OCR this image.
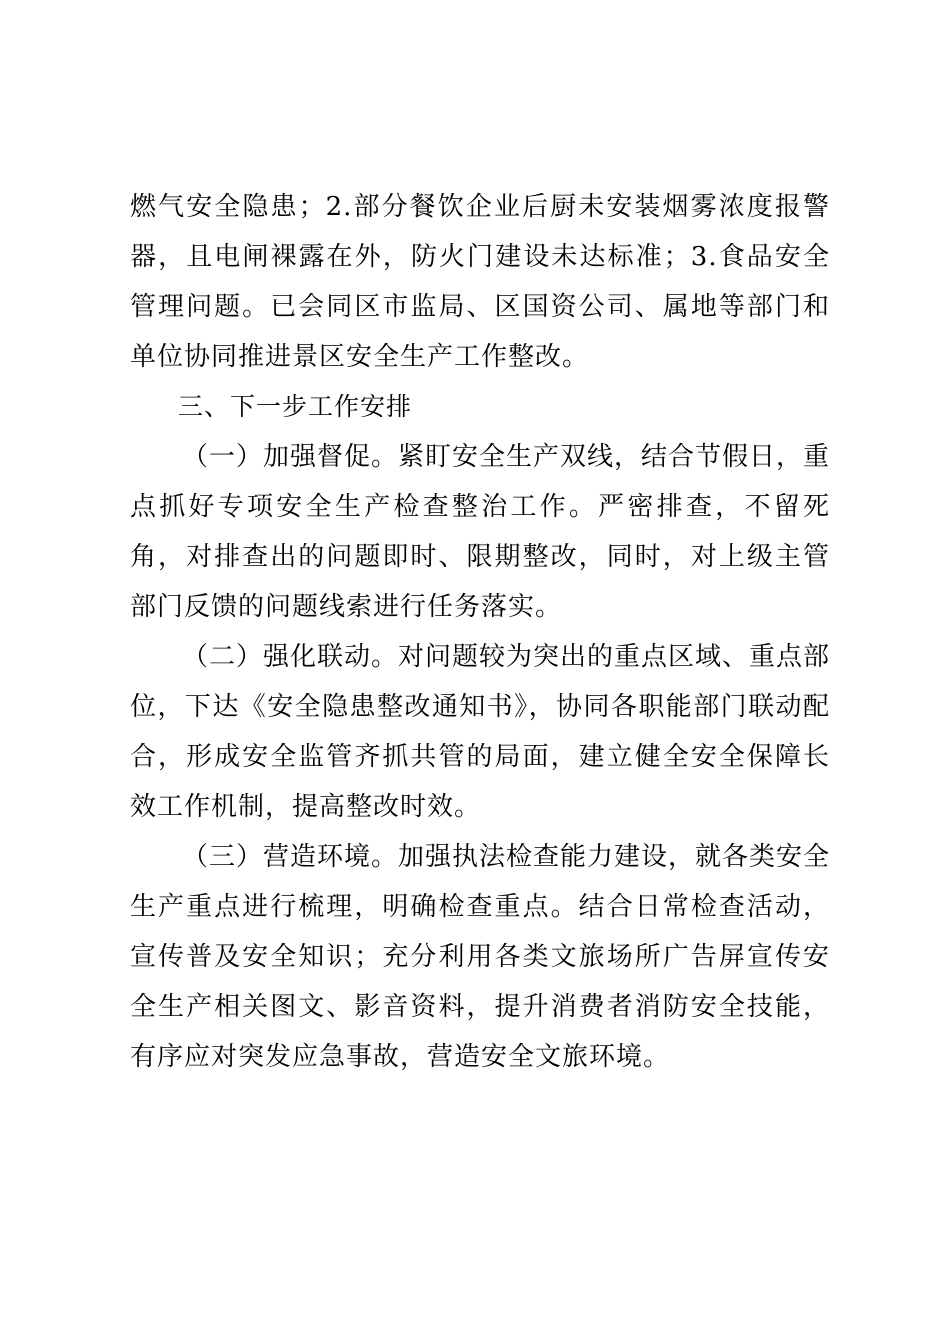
燃气安全隐患；2.部分餐饮企业后厨未安装烟雾浓度报警器，且电闸裸露在外，防火门建设未达标准；3.食品安全管理问题。已会同区市监局、区国资公司、属地等部门和单位协同推进景区安全生产工作整改。

三、下一步工作安排

（一）加强督促。紧盯安全生产双线，结合节假日，重点抓好专项安全生产检查整治工作。严密排查，不留死角，对排查出的问题即时、限期整改，同时，对上级主管部门反馈的问题线索进行任务落实。

（二）强化联动。对问题较为突出的重点区域、重点部位，下达《安全隐患整改通知书》，协同各职能部门联动配合，形成安全监管齐抓共管的局面，建立健全安全保障长效工作机制，提高整改时效。

（三）营造环境。加强执法检查能力建设，就各类安全生产重点进行梳理，明确检查重点。结合日常检查活动，宣传普及安全知识；充分利用各类文旅场所广告屏宣传安全生产相关图文、影音资料，提升消费者消防安全技能，有序应对突发应急事故，营造安全文旅环境。
